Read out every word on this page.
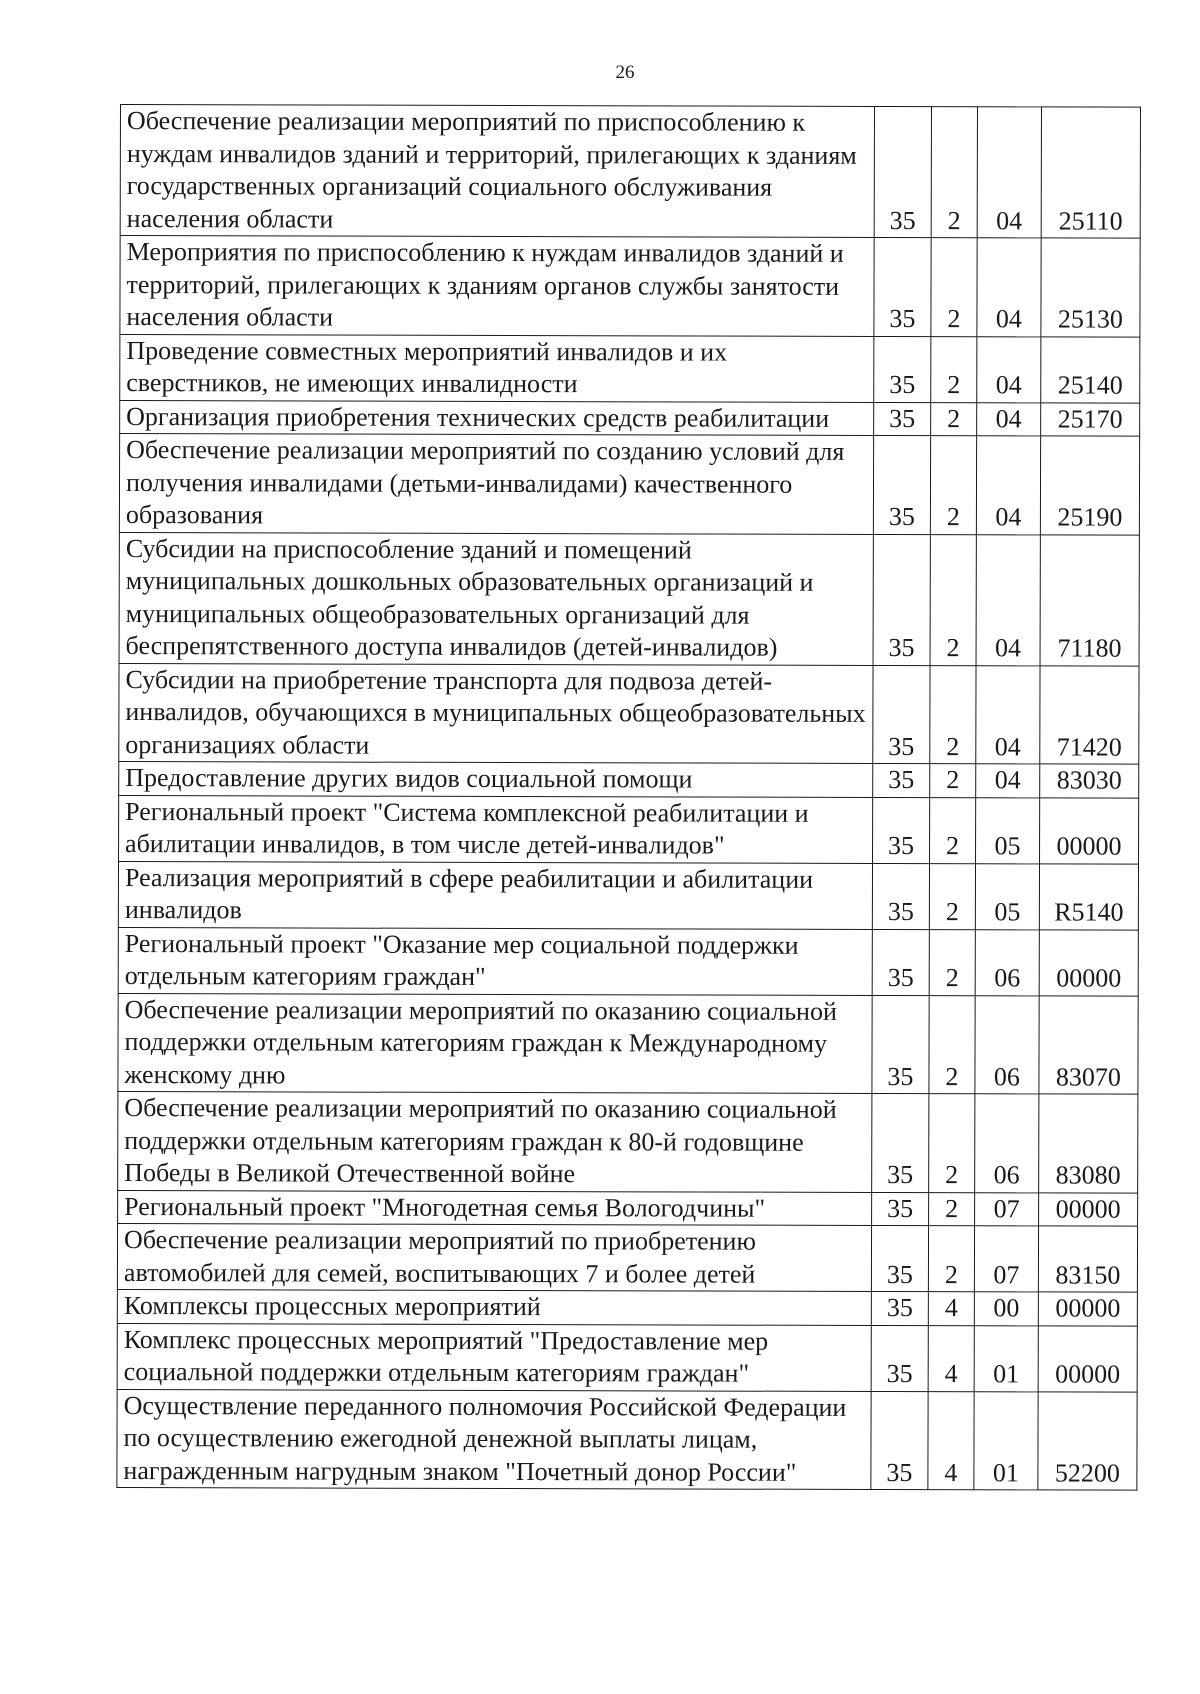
26
Обеспечение реализации мероприятий по приспособлению к нуждам инвалидов зданий и территорий, прилегающих к зданиям государственных организаций социального обслуживания населения области	35	2	04	25110
Мероприятия по приспособлению к нуждам инвалидов зданий и территорий, прилегающих к зданиям органов службы занятости населения области	35	2	04	25130
Проведение совместных мероприятий инвалидов и их сверстников, не имеющих инвалидности	35	2	04	25140
Организация приобретения технических средств реабилитации	35	2	04	25170
Обеспечение реализации мероприятий по созданию условий для получения инвалидами (детьми-инвалидами) качественного образования	35	2	04	25190
Субсидии на приспособление зданий и помещений муниципальных дошкольных образовательных организаций и муниципальных общеобразовательных организаций для беспрепятственного доступа инвалидов (детей-инвалидов)	35	2	04	71180
Субсидии на приобретение транспорта для подвоза детей-инвалидов, обучающихся в муниципальных общеобразовательных организациях области	35	2	04	71420
Предоставление других видов социальной помощи	35	2	04	83030
Региональный проект "Система комплексной реабилитации и абилитации инвалидов, в том числе детей-инвалидов"	35	2	05	00000
Реализация мероприятий в сфере реабилитации и абилитации инвалидов	35	2	05	R5140
Региональный проект "Оказание мер социальной поддержки отдельным категориям граждан"	35	2	06	00000
Обеспечение реализации мероприятий по оказанию социальной поддержки отдельным категориям граждан к Международному женскому дню	35	2	06	83070
Обеспечение реализации мероприятий по оказанию социальной поддержки отдельным категориям граждан к 80-й годовщине Победы в Великой Отечественной войне	35	2	06	83080
Региональный проект "Многодетная семья Вологодчины"	35	2	07	00000
Обеспечение реализации мероприятий по приобретению автомобилей для семей, воспитывающих 7 и более детей	35	2	07	83150
Комплексы процессных мероприятий	35	4	00	00000
Комплекс процессных мероприятий "Предоставление мер социальной поддержки отдельным категориям граждан"	35	4	01	00000
Осуществление переданного полномочия Российской Федерации по осуществлению ежегодной денежной выплаты лицам, награжденным нагрудным знаком "Почетный донор России"	35	4	01	52200
